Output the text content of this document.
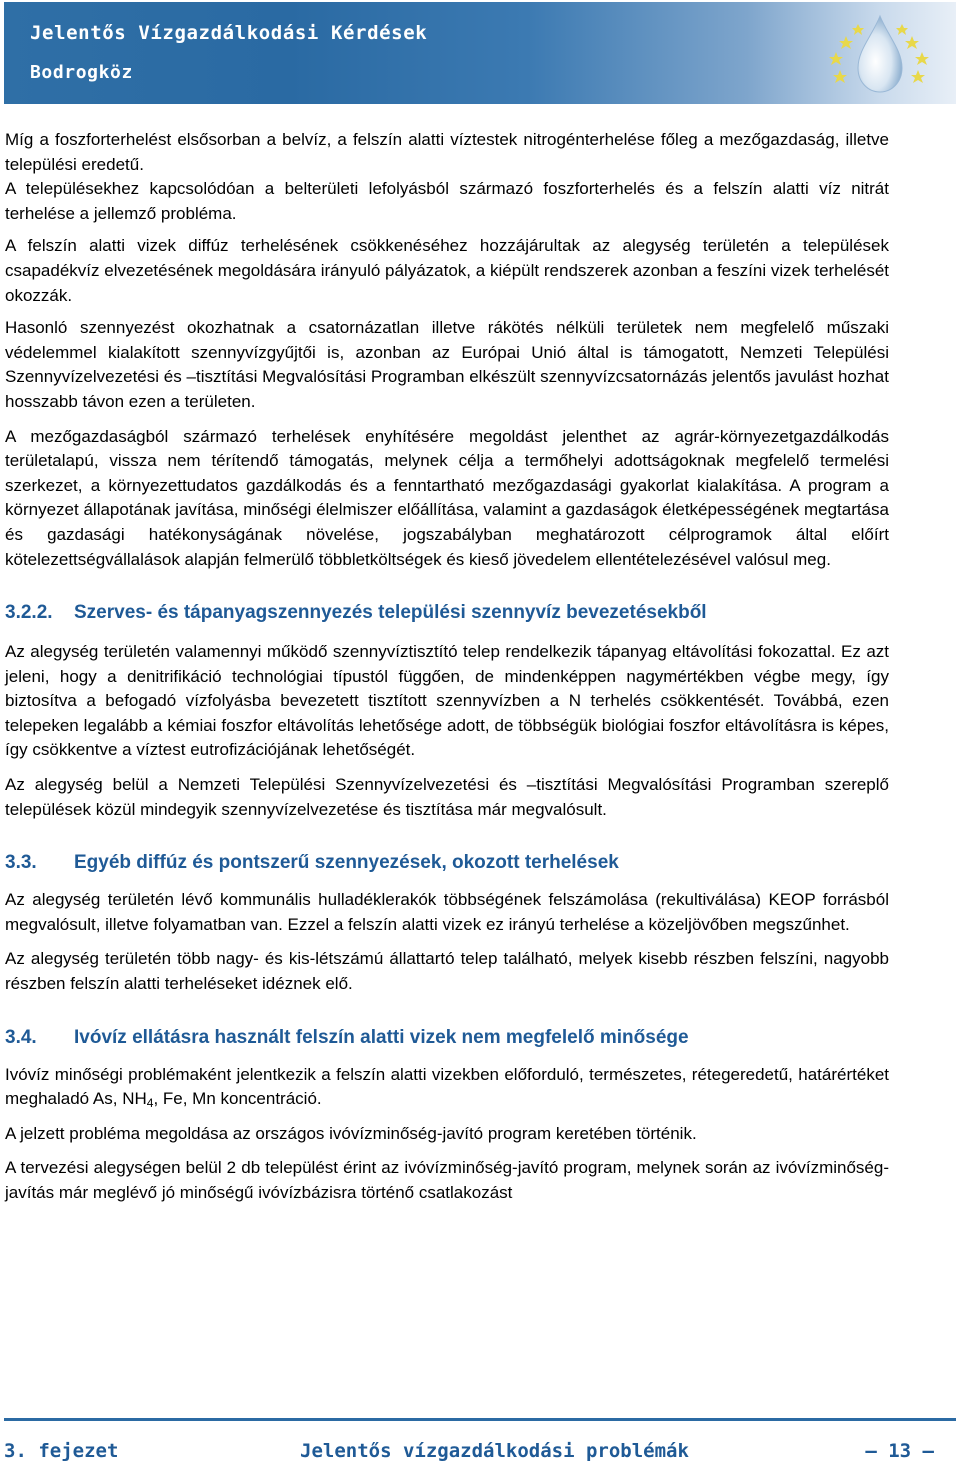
Jelentős Vízgazdálkodási Kérdések
Bodrogköz

Míg a foszforterhelést elsősorban a belvíz, a felszín alatti víztestek nitrogénterhelése főleg a mezőgazdaság, illetve települési eredetű.

A településekhez kapcsolódóan a belterületi lefolyásból származó foszforterhelés és a felszín alatti víz nitrát terhelése a jellemző probléma.

A felszín alatti vizek diffúz terhelésének csökkenéséhez hozzájárultak az alegység területén a települések csapadékvíz elvezetésének megoldására irányuló pályázatok, a kiépült rendszerek azonban a feszíni vizek terhelését okozzák.

Hasonló szennyezést okozhatnak a csatornázatlan illetve rákötés nélküli területek nem megfelelő műszaki védelemmel kialakított szennyvízgyűjtői is, azonban az Európai Unió által is támogatott, Nemzeti Települési Szennyvízelvezetési és –tisztítási Megvalósítási Programban elkészült szennyvízcsatornázás jelentős javulást hozhat hosszabb távon ezen a területen.

A mezőgazdaságból származó terhelések enyhítésére megoldást jelenthet az agrár-környezetgazdálkodás területalapú, vissza nem térítendő támogatás, melynek célja a termőhelyi adottságoknak megfelelő termelési szerkezet, a környezettudatos gazdálkodás és a fenntartható mezőgazdasági gyakorlat kialakítása. A program a környezet állapotának javítása, minőségi élelmiszer előállítása, valamint a gazdaságok életképességének megtartása és gazdasági hatékonyságának növelése, jogszabályban meghatározott célprogramok által előírt kötelezettségvállalások alapján felmerülő többletköltségek és kieső jövedelem ellentételezésével valósul meg.

3.2.2.	Szerves- és tápanyagszennyezés települési szennyvíz bevezetésekből

Az alegység területén valamennyi működő szennyvíztisztító telep rendelkezik tápanyag eltávolítási fokozattal. Ez azt jeleni, hogy a denitrifikáció technológiai típustól függően, de mindenképpen nagymértékben végbe megy, így biztosítva a befogadó vízfolyásba bevezetett tisztított szennyvízben a N terhelés csökkentését. Továbbá, ezen telepeken legalább a kémiai foszfor eltávolítás lehetősége adott, de többségük biológiai foszfor eltávolításra is képes, így csökkentve a víztest eutrofizációjának lehetőségét.

Az alegység belül a Nemzeti Települési Szennyvízelvezetési és –tisztítási Megvalósítási Programban szereplő települések közül mindegyik szennyvízelvezetése és tisztítása már megvalósult.

3.3.	Egyéb diffúz és pontszerű szennyezések, okozott terhelések

Az alegység területén lévő kommunális hulladéklerakók többségének felszámolása (rekultiválása) KEOP forrásból megvalósult, illetve folyamatban van. Ezzel a felszín alatti vizek ez irányú terhelése a közeljövőben megszűnhet.

Az alegység területén több nagy- és kis-létszámú állattartó telep található, melyek kisebb részben felszíni, nagyobb részben felszín alatti terheléseket idéznek elő.

3.4.	Ivóvíz ellátásra használt felszín alatti vizek nem megfelelő minősége

Ivóvíz minőségi problémaként jelentkezik a felszín alatti vizekben előforduló, természetes, rétegeredetű, határértéket meghaladó As, $NH_4$, Fe, Mn koncentráció.

A jelzett probléma megoldása az országos ivóvízminőség-javító program keretében történik.

A tervezési alegységen belül 2 db települést érint az ivóvízminőség-javító program, melynek során az ivóvízminőség-javítás már meglévő jó minőségű ivóvízbázisra történő csatlakozást

3. fejezet	Jelentős vízgazdálkodási problémák	— 13 —
